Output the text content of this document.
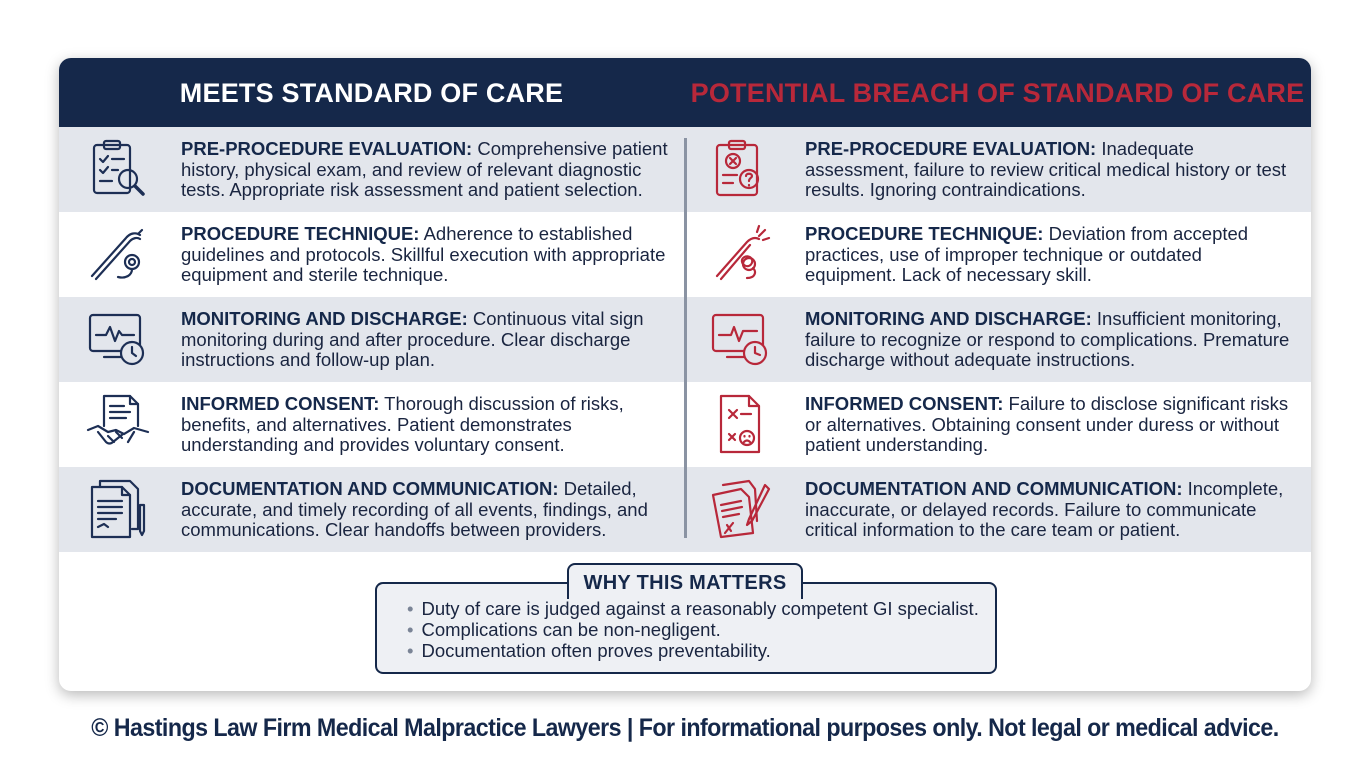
MEETS STANDARD OF CARE	POTENTIAL BREACH OF STANDARD OF CARE
PRE-PROCEDURE EVALUATION: Comprehensive patient history, physical exam, and review of relevant diagnostic tests. Appropriate risk assessment and patient selection.
PRE-PROCEDURE EVALUATION: Inadequate assessment, failure to review critical medical history or test results. Ignoring contraindications.
PROCEDURE TECHNIQUE: Adherence to established guidelines and protocols. Skillful execution with appropriate equipment and sterile technique.
PROCEDURE TECHNIQUE: Deviation from accepted practices, use of improper technique or outdated equipment. Lack of necessary skill.
MONITORING AND DISCHARGE: Continuous vital sign monitoring during and after procedure. Clear discharge instructions and follow-up plan.
MONITORING AND DISCHARGE: Insufficient monitoring, failure to recognize or respond to complications. Premature discharge without adequate instructions.
INFORMED CONSENT: Thorough discussion of risks, benefits, and alternatives. Patient demonstrates understanding and provides voluntary consent.
INFORMED CONSENT: Failure to disclose significant risks or alternatives. Obtaining consent under duress or without patient understanding.
DOCUMENTATION AND COMMUNICATION: Detailed, accurate, and timely recording of all events, findings, and communications. Clear handoffs between providers.
DOCUMENTATION AND COMMUNICATION: Incomplete, inaccurate, or delayed records. Failure to communicate critical information to the care team or patient.
WHY THIS MATTERS
• Duty of care is judged against a reasonably competent GI specialist.
• Complications can be non-negligent.
• Documentation often proves preventability.
© Hastings Law Firm Medical Malpractice Lawyers | For informational purposes only. Not legal or medical advice.
